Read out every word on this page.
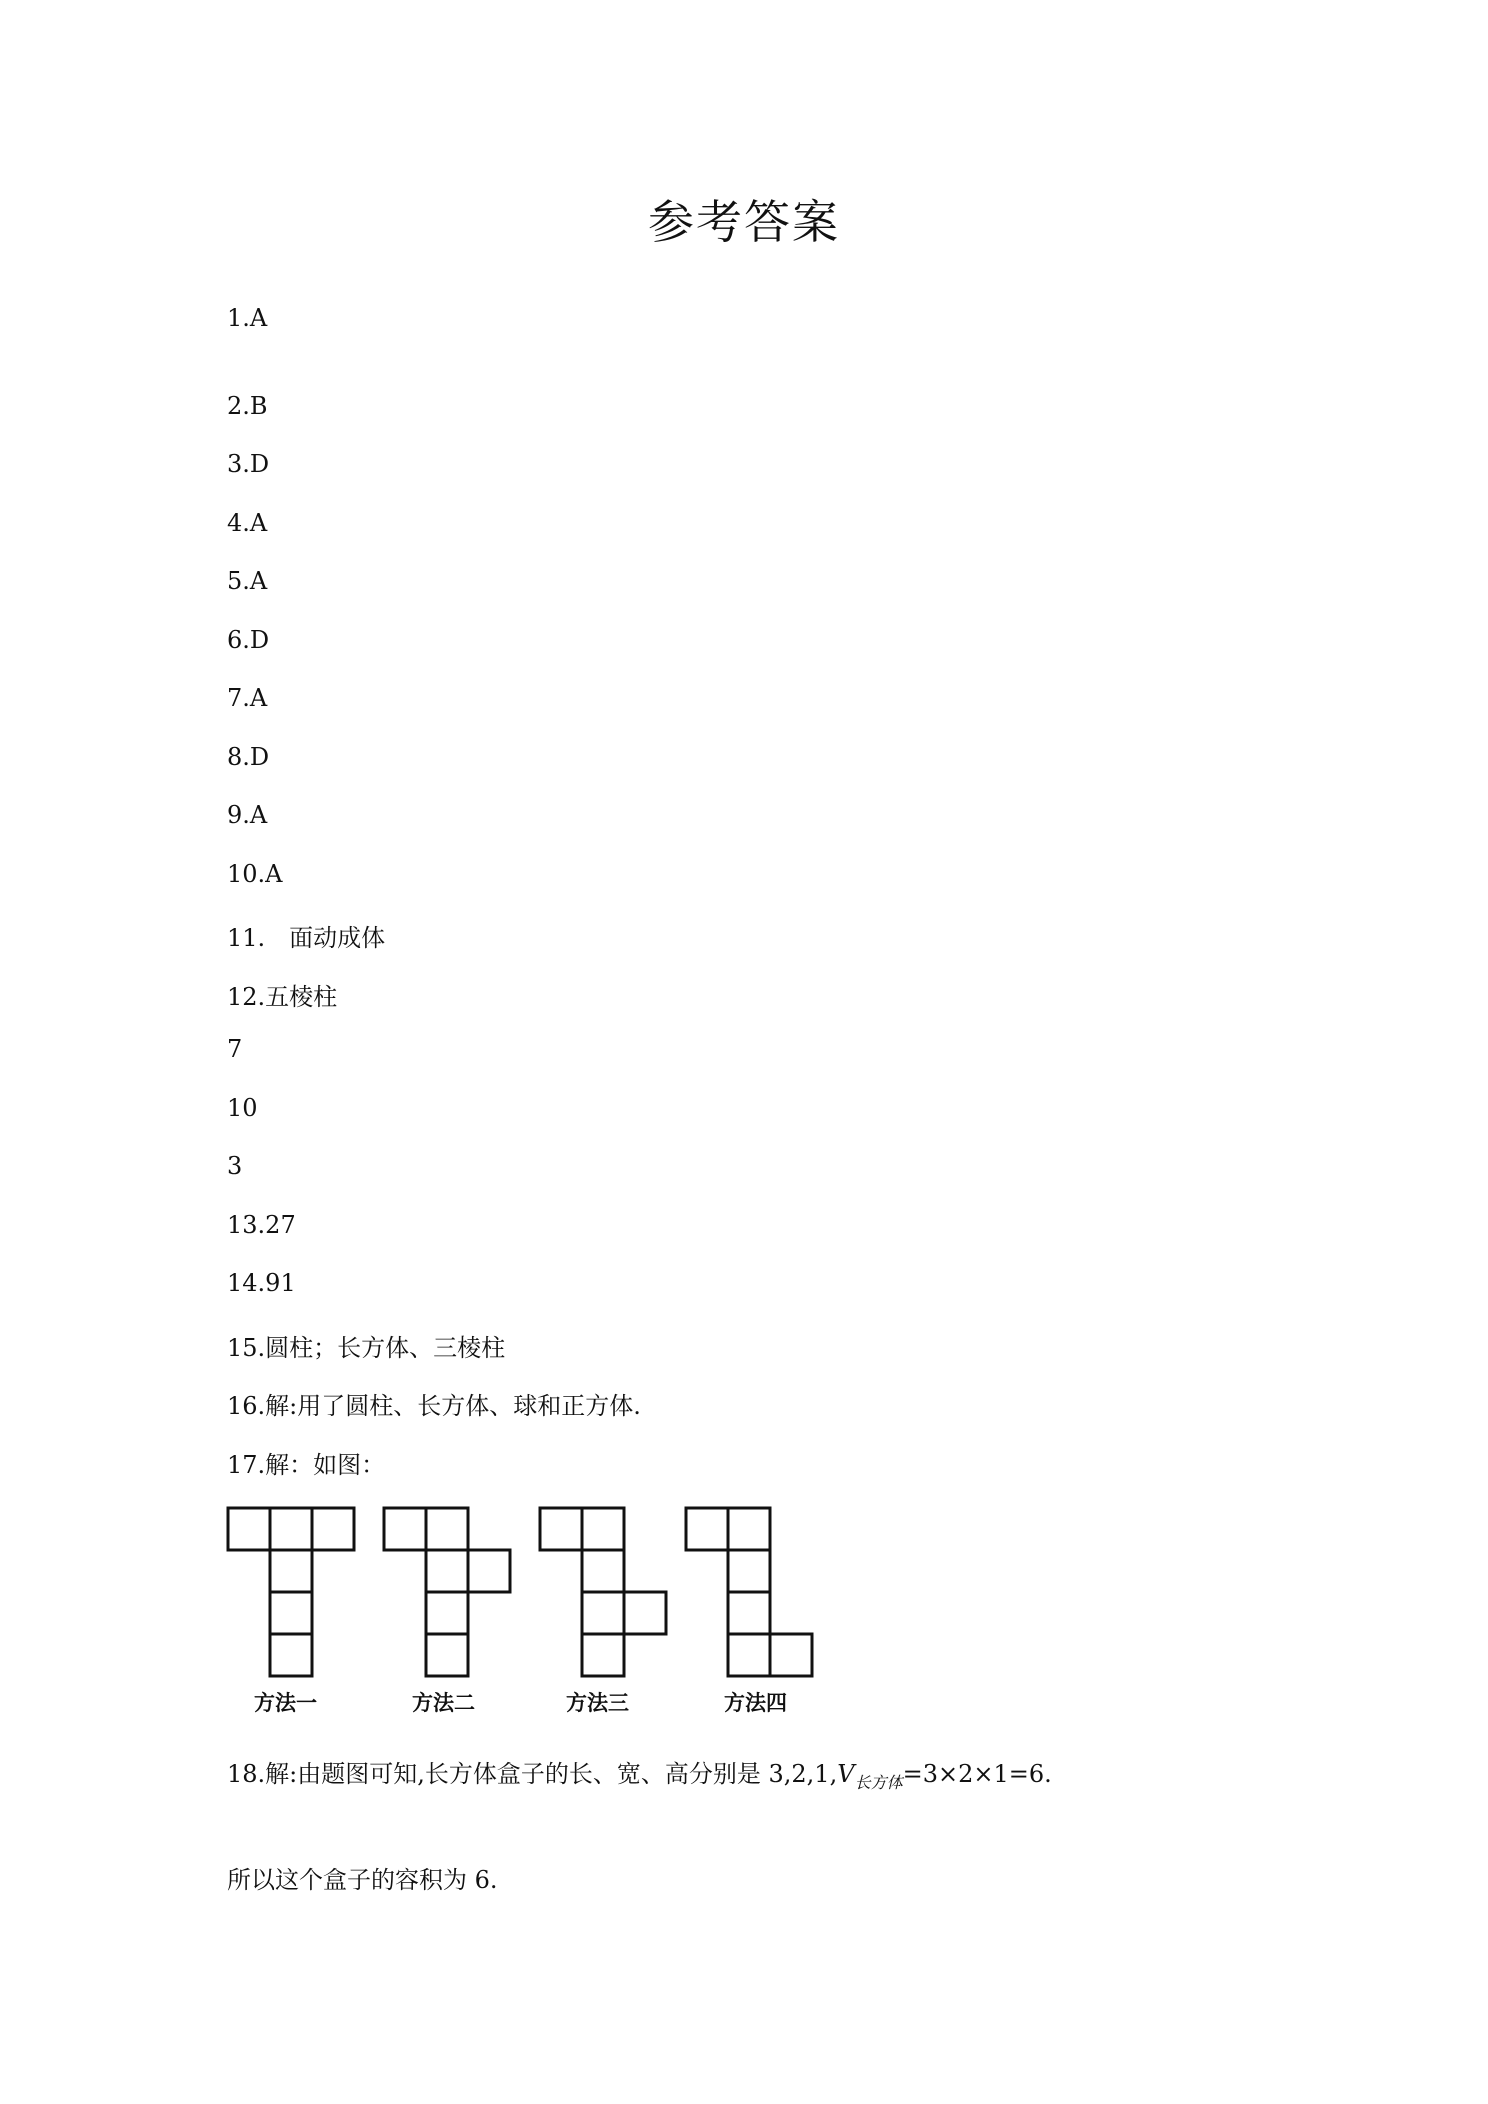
参考答案
1.A
2.B
3.D
4.A
5.A
6.D
7.A
8.D
9.A
10.A
11.　面动成体
12.五棱柱
7
10
3
13.27
14.91
15.圆柱；长方体、三棱柱
16.解:用了圆柱、长方体、球和正方体.
17.解：如图：
方法一	方法二	方法三	方法四
18.解:由题图可知,长方体盒子的长、宽、高分别是 $3,2,1,V_{长方体}=3\times 2\times 1=6$.
所以这个盒子的容积为 6.
